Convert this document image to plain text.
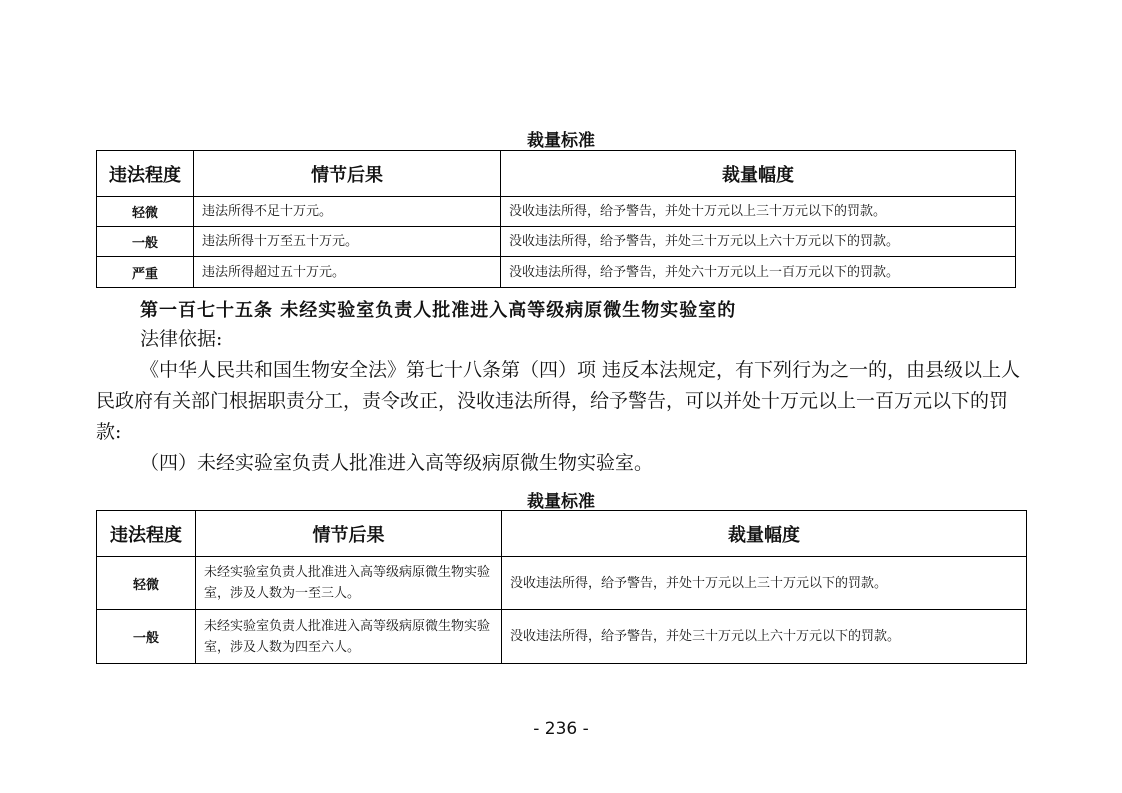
裁量标准
违法程度	情节后果	裁量幅度
轻微	违法所得不足十万元。	没收违法所得，给予警告，并处十万元以上三十万元以下的罚款。
一般	违法所得十万至五十万元。	没收违法所得，给予警告，并处三十万元以上六十万元以下的罚款。
严重	违法所得超过五十万元。	没收违法所得，给予警告，并处六十万元以上一百万元以下的罚款。
第一百七十五条 未经实验室负责人批准进入高等级病原微生物实验室的

法律依据:

《中华人民共和国生物安全法》第七十八条第（四）项 违反本法规定，有下列行为之一的，由县级以上人民政府有关部门根据职责分工，责令改正，没收违法所得，给予警告，可以并处十万元以上一百万元以下的罚款:

（四）未经实验室负责人批准进入高等级病原微生物实验室。

裁量标准
违法程度	情节后果	裁量幅度
轻微	未经实验室负责人批准进入高等级病原微生物实验室，涉及人数为一至三人。	没收违法所得，给予警告，并处十万元以上三十万元以下的罚款。
一般	未经实验室负责人批准进入高等级病原微生物实验室，涉及人数为四至六人。	没收违法所得，给予警告，并处三十万元以上六十万元以下的罚款。
- 236 -
